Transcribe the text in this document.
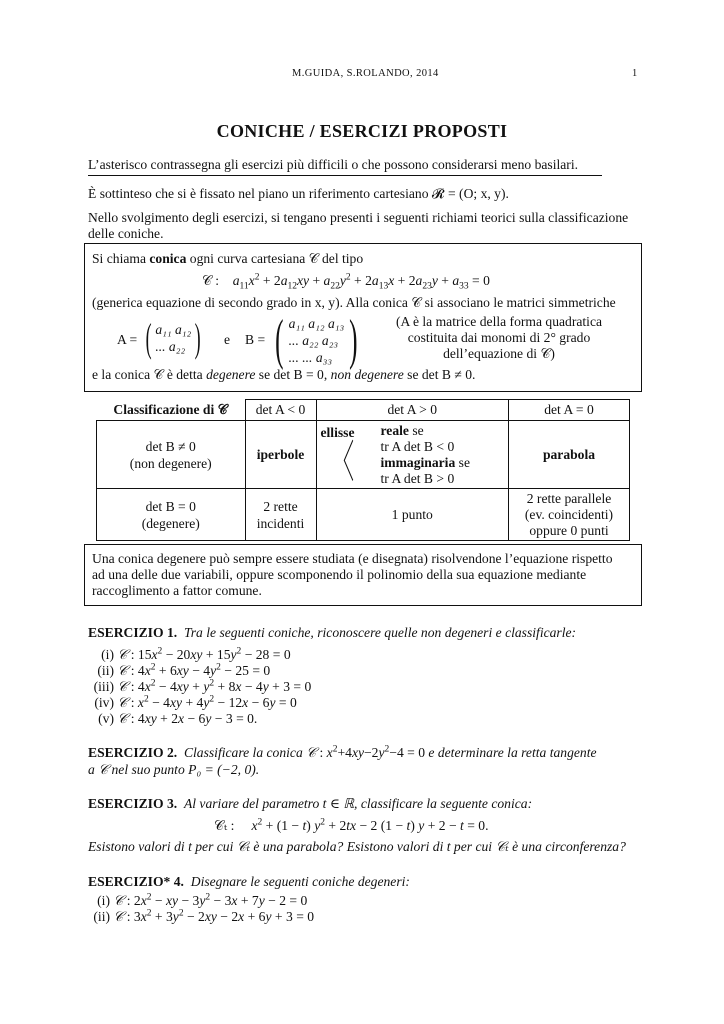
M.GUIDA, S.ROLANDO, 2014	1
CONICHE / ESERCIZI PROPOSTI
L’asterisco contrassegna gli esercizi più difficili o che possono considerarsi meno basilari.
È sottinteso che si è fissato nel piano un riferimento cartesiano 𝓡 = (O; x, y).
Nello svolgimento degli esercizi, si tengano presenti i seguenti richiami teorici sulla classificazione
delle coniche.
Si chiama conica ogni curva cartesiana 𝒞 del tipo
𝒞 : $a_{11}x^2 + 2a_{12}xy + a_{22}y^2 + 2a_{13}x + 2a_{23}y + a_{33} = 0$
(generica equazione di secondo grado in x, y). Alla conica 𝒞 si associano le matrici simmetriche
A = ( a₁₁ a₁₂
... a₂₂ ) e B = ( a₁₁ a₁₂ a₁₃
... a₂₂ a₂₃
... ... a₃₃ )	(A è la matrice della forma quadratica
costituita dai monomi di 2° grado
dell’equazione di 𝒞)
e la conica 𝒞 è detta degenere se det B = 0, non degenere se det B ≠ 0.
Classificazione di 𝒞	det A < 0	det A > 0		det A = 0
det B ≠ 0
(non degenere)	iperbole	ellisse〈	reale se
tr A det B < 0
immaginaria se
tr A det B > 0	parabola
det B = 0
(degenere)	2 rette
incidenti	1 punto		2 rette parallele
(ev. coincidenti)
oppure 0 punti
Una conica degenere può sempre essere studiata (e disegnata) risolvendone l’equazione rispetto
ad una delle due variabili, oppure scomponendo il polinomio della sua equazione mediante
raccoglimento a fattor comune.
ESERCIZIO 1. Tra le seguenti coniche, riconoscere quelle non degeneri e classificarle:
(i) 𝒞 : $15x^2 - 20xy + 15y^2 - 28 = 0$
(ii) 𝒞 : $4x^2 + 6xy - 4y^2 - 25 = 0$
(iii) 𝒞 : $4x^2 - 4xy + y^2 + 8x - 4y + 3 = 0$
(iv) 𝒞 : $x^2 - 4xy + 4y^2 - 12x - 6y = 0$
(v) 𝒞 : 4xy + 2x − 6y − 3 = 0.
ESERCIZIO 2. Classificare la conica 𝒞 : $x^2+4xy-2y^2-4 = 0$ e determinare la retta tangente
a 𝒞 nel suo punto P₀ = (−2, 0).
ESERCIZIO 3. Al variare del parametro t ∈ ℝ, classificare la seguente conica:
𝒞ₜ : $x^2 + (1 - t) y^2 + 2tx - 2$ (1 − t) y + 2 − t = 0.
Esistono valori di t per cui 𝒞ₜ è una parabola? Esistono valori di t per cui 𝒞ₜ è una circonferenza?
ESERCIZIO* 4. Disegnare le seguenti coniche degeneri:
(i) 𝒞 : $2x^2$ − xy − $3y^2 - 3x + 7y - 2 = 0$
(ii) 𝒞 : $3x^2 + 3y^2 - 2xy - 2x + 6y + 3 = 0$
